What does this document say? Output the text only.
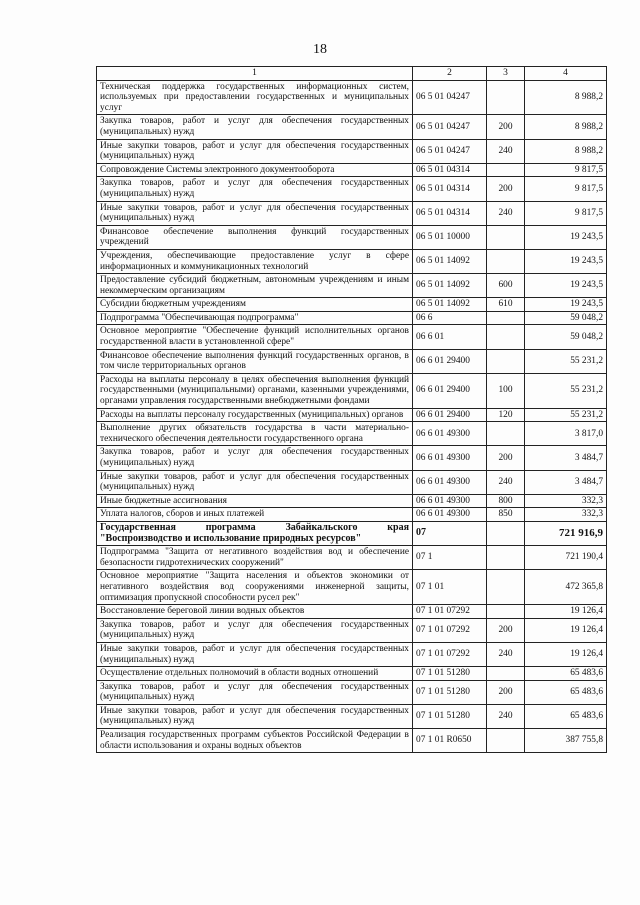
18
1	2	3	4
Техническая поддержка государственных информационных систем, используемых при предоставлении государственных и муниципальных услуг	06 5 01 04247		8 988,2
Закупка товаров, работ и услуг для обеспечения государственных (муниципальных) нужд	06 5 01 04247	200	8 988,2
Иные закупки товаров, работ и услуг для обеспечения государственных (муниципальных) нужд	06 5 01 04247	240	8 988,2
Сопровождение Системы электронного документооборота	06 5 01 04314		9 817,5
Закупка товаров, работ и услуг для обеспечения государственных (муниципальных) нужд	06 5 01 04314	200	9 817,5
Иные закупки товаров, работ и услуг для обеспечения государственных (муниципальных) нужд	06 5 01 04314	240	9 817,5
Финансовое обеспечение выполнения функций государственных учреждений	06 5 01 10000		19 243,5
Учреждения, обеспечивающие предоставление услуг в сфере информационных и коммуникационных технологий	06 5 01 14092		19 243,5
Предоставление субсидий бюджетным, автономным учреждениям и иным некоммерческим организациям	06 5 01 14092	600	19 243,5
Субсидии бюджетным учреждениям	06 5 01 14092	610	19 243,5
Подпрограмма "Обеспечивающая подпрограмма"	06 6		59 048,2
Основное мероприятие "Обеспечение функций исполнительных органов государственной власти в установленной сфере"	06 6 01		59 048,2
Финансовое обеспечение выполнения функций государственных органов, в том числе территориальных органов	06 6 01 29400		55 231,2
Расходы на выплаты персоналу в целях обеспечения выполнения функций государственными (муниципальными) органами, казенными учреждениями, органами управления государственными внебюджетными фондами	06 6 01 29400	100	55 231,2
Расходы на выплаты персоналу государственных (муниципальных) органов	06 6 01 29400	120	55 231,2
Выполнение других обязательств государства в части материально-технического обеспечения деятельности государственного органа	06 6 01 49300		3 817,0
Закупка товаров, работ и услуг для обеспечения государственных (муниципальных) нужд	06 6 01 49300	200	3 484,7
Иные закупки товаров, работ и услуг для обеспечения государственных (муниципальных) нужд	06 6 01 49300	240	3 484,7
Иные бюджетные ассигнования	06 6 01 49300	800	332,3
Уплата налогов, сборов и иных платежей	06 6 01 49300	850	332,3
Государственная программа Забайкальского края "Воспроизводство и использование природных ресурсов"	07		721 916,9
Подпрограмма "Защита от негативного воздействия вод и обеспечение безопасности гидротехнических сооружений"	07 1		721 190,4
Основное мероприятие "Защита населения и объектов экономики от негативного воздействия вод сооружениями инженерной защиты, оптимизация пропускной способности русел рек"	07 1 01		472 365,8
Восстановление береговой линии водных объектов	07 1 01 07292		19 126,4
Закупка товаров, работ и услуг для обеспечения государственных (муниципальных) нужд	07 1 01 07292	200	19 126,4
Иные закупки товаров, работ и услуг для обеспечения государственных (муниципальных) нужд	07 1 01 07292	240	19 126,4
Осуществление отдельных полномочий в области водных отношений	07 1 01 51280		65 483,6
Закупка товаров, работ и услуг для обеспечения государственных (муниципальных) нужд	07 1 01 51280	200	65 483,6
Иные закупки товаров, работ и услуг для обеспечения государственных (муниципальных) нужд	07 1 01 51280	240	65 483,6
Реализация государственных программ субъектов Российской Федерации в области использования и охраны водных объектов	07 1 01 R0650		387 755,8
